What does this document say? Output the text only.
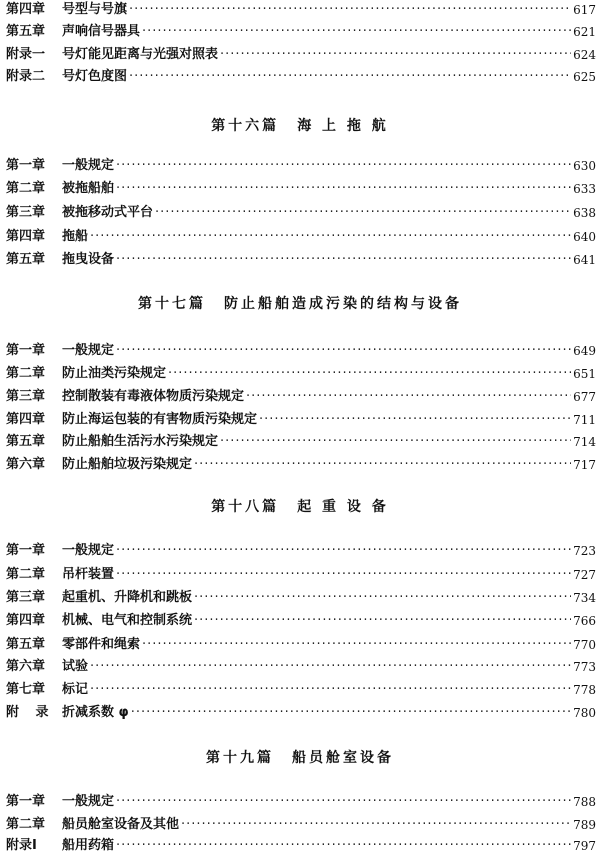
第四章	号型与号旗 ·····	617
第五章	声响信号器具 ·····	621
附录一	号灯能见距离与光强对照表 ·····	624
附录二	号灯色度图 ·····	625
第十六篇 海 上 拖 航
第一章	一般规定 ·····	630
第二章	被拖船舶 ·····	633
第三章	被拖移动式平台 ·····	638
第四章	拖船 ·····	640
第五章	拖曳设备 ·····	641
第十七篇 防止船舶造成污染的结构与设备
第一章	一般规定 ·····	649
第二章	防止油类污染规定 ·····	651
第三章	控制散装有毒液体物质污染规定 ·····	677
第四章	防止海运包装的有害物质污染规定 ·····	711
第五章	防止船舶生活污水污染规定 ·····	714
第六章	防止船舶垃圾污染规定 ·····	717
第十八篇 起 重 设 备
第一章	一般规定 ·····	723
第二章	吊杆装置 ·····	727
第三章	起重机、升降机和跳板 ·····	734
第四章	机械、电气和控制系统 ·····	766
第五章	零部件和绳索 ·····	770
第六章	试验 ·····	773
第七章	标记 ·····	778
附 录 折减系数 φ ·····	780
第十九篇 船员舱室设备
第一章	一般规定 ·····	788
第二章	船员舱室设备及其他 ·····	789
附录Ⅰ	船用药箱 ·····	797
